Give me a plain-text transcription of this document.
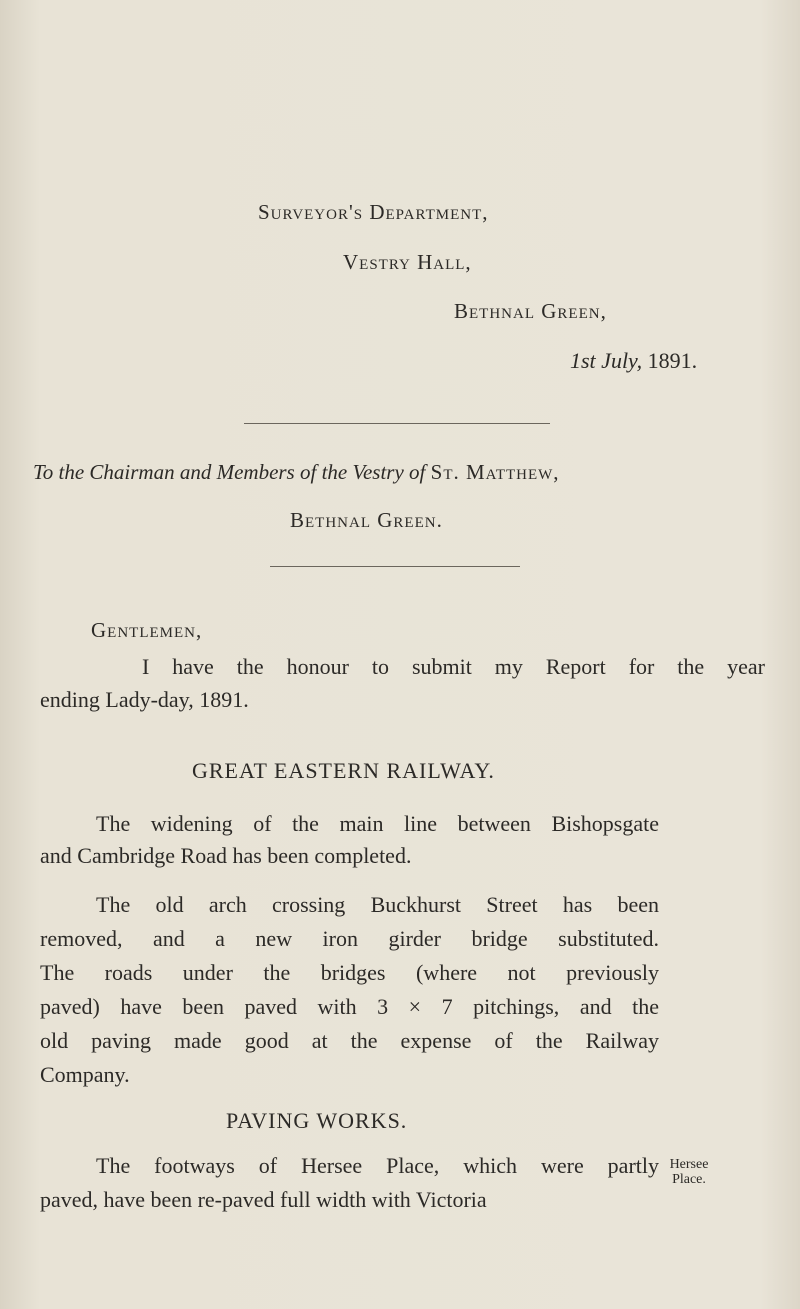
Surveyor's Department,
Vestry Hall,
Bethnal Green,
1st July, 1891.
To the Chairman and Members of the Vestry of St. Matthew,
Bethnal Green.
Gentlemen,
I have the honour to submit my Report for the year
ending Lady-day, 1891.
GREAT EASTERN RAILWAY.
The widening of the main line between Bishopsgate
and Cambridge Road has been completed.
The old arch crossing Buckhurst Street has been
removed, and a new iron girder bridge substituted.
The roads under the bridges (where not previously
paved) have been paved with 3 × 7 pitchings, and the
old paving made good at the expense of the Railway
Company.
PAVING WORKS.
The footways of Hersee Place, which were partly
paved, have been re-paved full width with Victoria
Hersee
Place.
